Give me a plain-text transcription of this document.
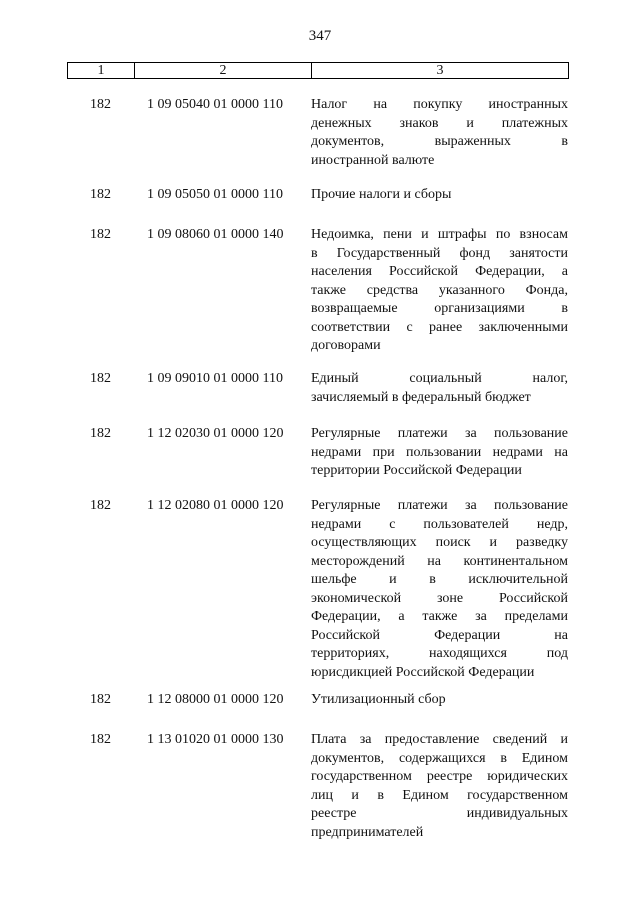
347
1	2	3
182	1 09 05040 01 0000 110	Налог на покупку иностранных
денежных знаков и платежных
документов, выраженных в
иностранной валюте
182	1 09 05050 01 0000 110	Прочие налоги и сборы
182	1 09 08060 01 0000 140	Недоимка, пени и штрафы по взносам
в Государственный фонд занятости
населения Российской Федерации, а
также средства указанного Фонда,
возвращаемые организациями в
соответствии с ранее заключенными
договорами
182	1 09 09010 01 0000 110	Единый социальный налог,
зачисляемый в федеральный бюджет
182	1 12 02030 01 0000 120	Регулярные платежи за пользование
недрами при пользовании недрами на
территории Российской Федерации
182	1 12 02080 01 0000 120	Регулярные платежи за пользование
недрами с пользователей недр,
осуществляющих поиск и разведку
месторождений на континентальном
шельфе и в исключительной
экономической зоне Российской
Федерации, а также за пределами
Российской Федерации на
территориях, находящихся под
юрисдикцией Российской Федерации
182	1 12 08000 01 0000 120	Утилизационный сбор
182	1 13 01020 01 0000 130	Плата за предоставление сведений и
документов, содержащихся в Едином
государственном реестре юридических
лиц и в Едином государственном
реестре индивидуальных
предпринимателей
